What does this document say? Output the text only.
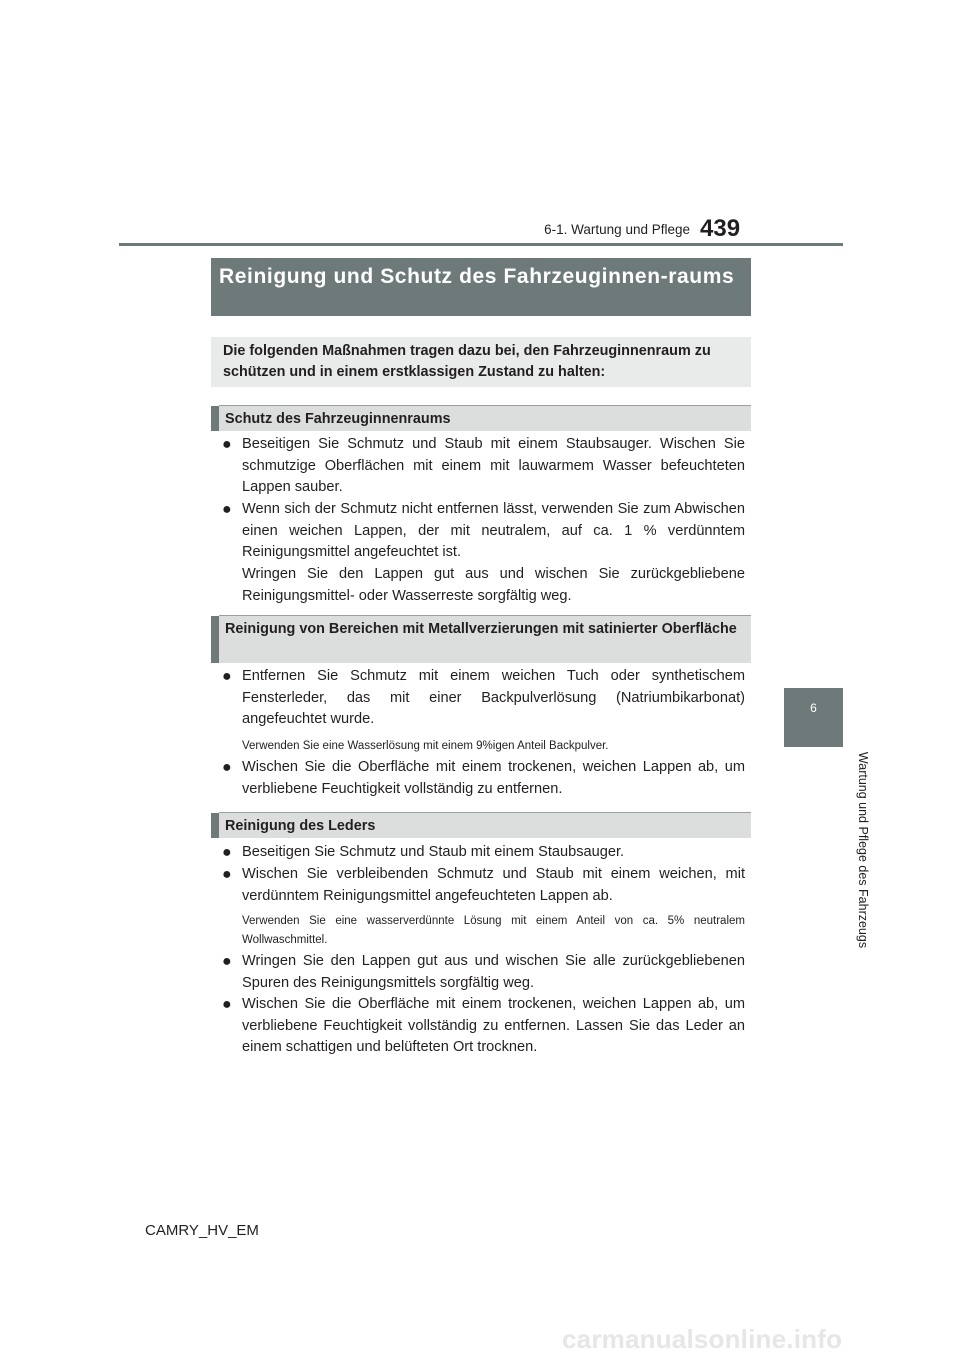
6-1. Wartung und Pflege 439
6
Wartung und Pflege des Fahrzeugs
Reinigung und Schutz des Fahrzeuginnen-raums
Die folgenden Maßnahmen tragen dazu bei, den Fahrzeuginnenraum zu schützen und in einem erstklassigen Zustand zu halten:
Schutz des Fahrzeuginnenraums
● Beseitigen Sie Schmutz und Staub mit einem Staubsauger. Wischen Sie schmutzige Oberflächen mit einem mit lauwarmem Wasser befeuchteten Lappen sauber.
● Wenn sich der Schmutz nicht entfernen lässt, verwenden Sie zum Abwischen einen weichen Lappen, der mit neutralem, auf ca. 1 % verdünntem Reinigungsmittel angefeuchtet ist.
Wringen Sie den Lappen gut aus und wischen Sie zurückgebliebene Reinigungsmittel- oder Wasserreste sorgfältig weg.
Reinigung von Bereichen mit Metallverzierungen mit satinierter Oberfläche
● Entfernen Sie Schmutz mit einem weichen Tuch oder synthetischem Fensterleder, das mit einer Backpulverlösung (Natriumbikarbonat) angefeuchtet wurde.
Verwenden Sie eine Wasserlösung mit einem 9%igen Anteil Backpulver.
● Wischen Sie die Oberfläche mit einem trockenen, weichen Lappen ab, um verbliebene Feuchtigkeit vollständig zu entfernen.
Reinigung des Leders
● Beseitigen Sie Schmutz und Staub mit einem Staubsauger.
● Wischen Sie verbleibenden Schmutz und Staub mit einem weichen, mit verdünntem Reinigungsmittel angefeuchteten Lappen ab.
Verwenden Sie eine wasserverdünnte Lösung mit einem Anteil von ca. 5% neutralem Wollwaschmittel.
● Wringen Sie den Lappen gut aus und wischen Sie alle zurückgebliebenen Spuren des Reinigungsmittels sorgfältig weg.
● Wischen Sie die Oberfläche mit einem trockenen, weichen Lappen ab, um verbliebene Feuchtigkeit vollständig zu entfernen. Lassen Sie das Leder an einem schattigen und belüfteten Ort trocknen.
CAMRY_HV_EM
carmanualsonline.info
